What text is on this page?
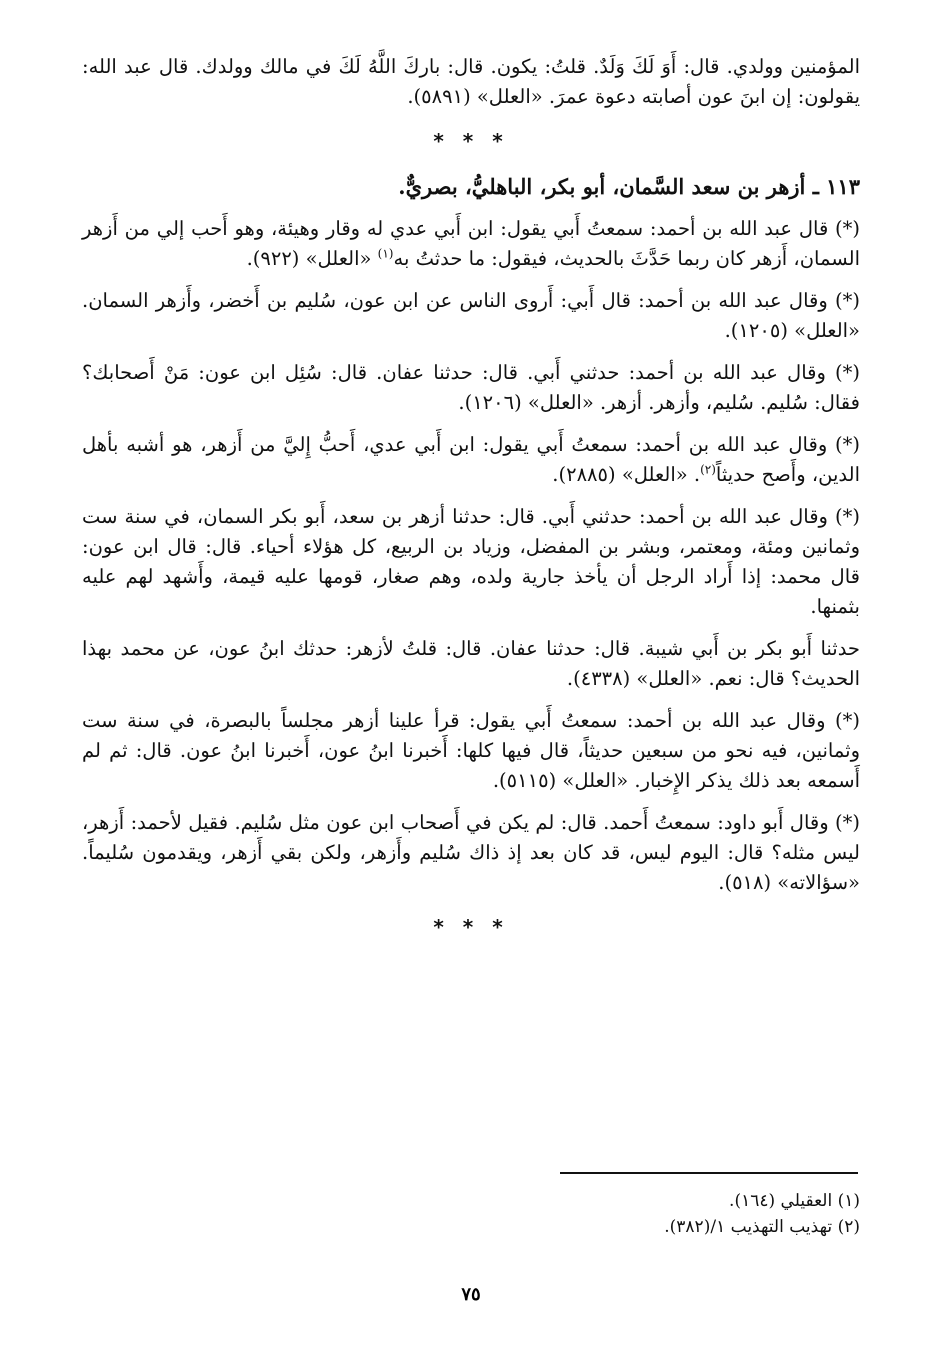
المؤمنين وولدي. قال: أَوَ لَكَ وَلَدٌ. قلتُ: يكون. قال: باركَ اللَّهُ لَكَ في مالك وولدك. قال عبد الله: يقولون: إن ابنَ عون أصابته دعوة عمرَ. «العلل» (٥٨٩١).

* * *

١١٣ ـ أزهر بن سعد السَّمان، أبو بكر، الباهليُّ، بصريٌّ.

(*) قال عبد الله بن أحمد: سمعتُ أَبي يقول: ابن أَبي عدي له وقار وهيئة، وهو أَحب إلي من أَزهر السمان، أَزهر كان ربما حَدَّثَ بالحديث، فيقول: ما حدثتُ به$^{(١)}$ «العلل» (٩٢٢).

(*) وقال عبد الله بن أحمد: قال أَبي: أَروى الناس عن ابن عون، سُليم بن أَخضر، وأَزهر السمان. «العلل» (١٢٠٥).

(*) وقال عبد الله بن أحمد: حدثني أَبي. قال: حدثنا عفان. قال: سُئِل ابن عون: مَنْ أَصحابك؟ فقال: سُليم. سُليم، وأزهر. أزهر. «العلل» (١٢٠٦).

(*) وقال عبد الله بن أحمد: سمعتُ أَبي يقول: ابن أَبي عدي، أَحبُّ إِليَّ من أَزهر، هو أشبه بأهل الدين، وأَصح حديثاً$^{(٢)}$. «العلل» (٢٨٨٥).

(*) وقال عبد الله بن أحمد: حدثني أَبي. قال: حدثنا أزهر بن سعد، أَبو بكر السمان، في سنة ست وثمانين ومئة، ومعتمر، وبشر بن المفضل، وزياد بن الربيع، كل هؤلاء أحياء. قال: قال ابن عون: قال محمد: إذا أَراد الرجل أن يأخذ جارية ولده، وهم صغار، قومها عليه قيمة، وأَشهد لهم عليه بثمنها.

حدثنا أَبو بكر بن أَبي شيبة. قال: حدثنا عفان. قال: قلتُ لأزهر: حدثك ابنُ عون، عن محمد بهذا الحديث؟ قال: نعم. «العلل» (٤٣٣٨).

(*) وقال عبد الله بن أحمد: سمعتُ أَبي يقول: قرأ علينا أزهر مجلساً بالبصرة، في سنة ست وثمانين، فيه نحو من سبعين حديثاً، قال فيها كلها: أَخبرنا ابنُ عون، أَخبرنا ابنُ عون. قال: ثم لم أَسمعه بعد ذلك يذكر الإِخبار. «العلل» (٥١١٥).

(*) وقال أَبو داود: سمعتُ أَحمد. قال: لم يكن في أَصحاب ابن عون مثل سُليم. فقيل لأحمد: أَزهر، ليس مثله؟ قال: اليوم ليس، قد كان بعد إذ ذاك سُليم وأَزهر، ولكن بقي أَزهر، ويقدمون سُليماً. «سؤالاته» (٥١٨).

* * *

(١) العقيلي (١٦٤).

(٢) تهذيب التهذيب ١/(٣٨٢).

٧٥
